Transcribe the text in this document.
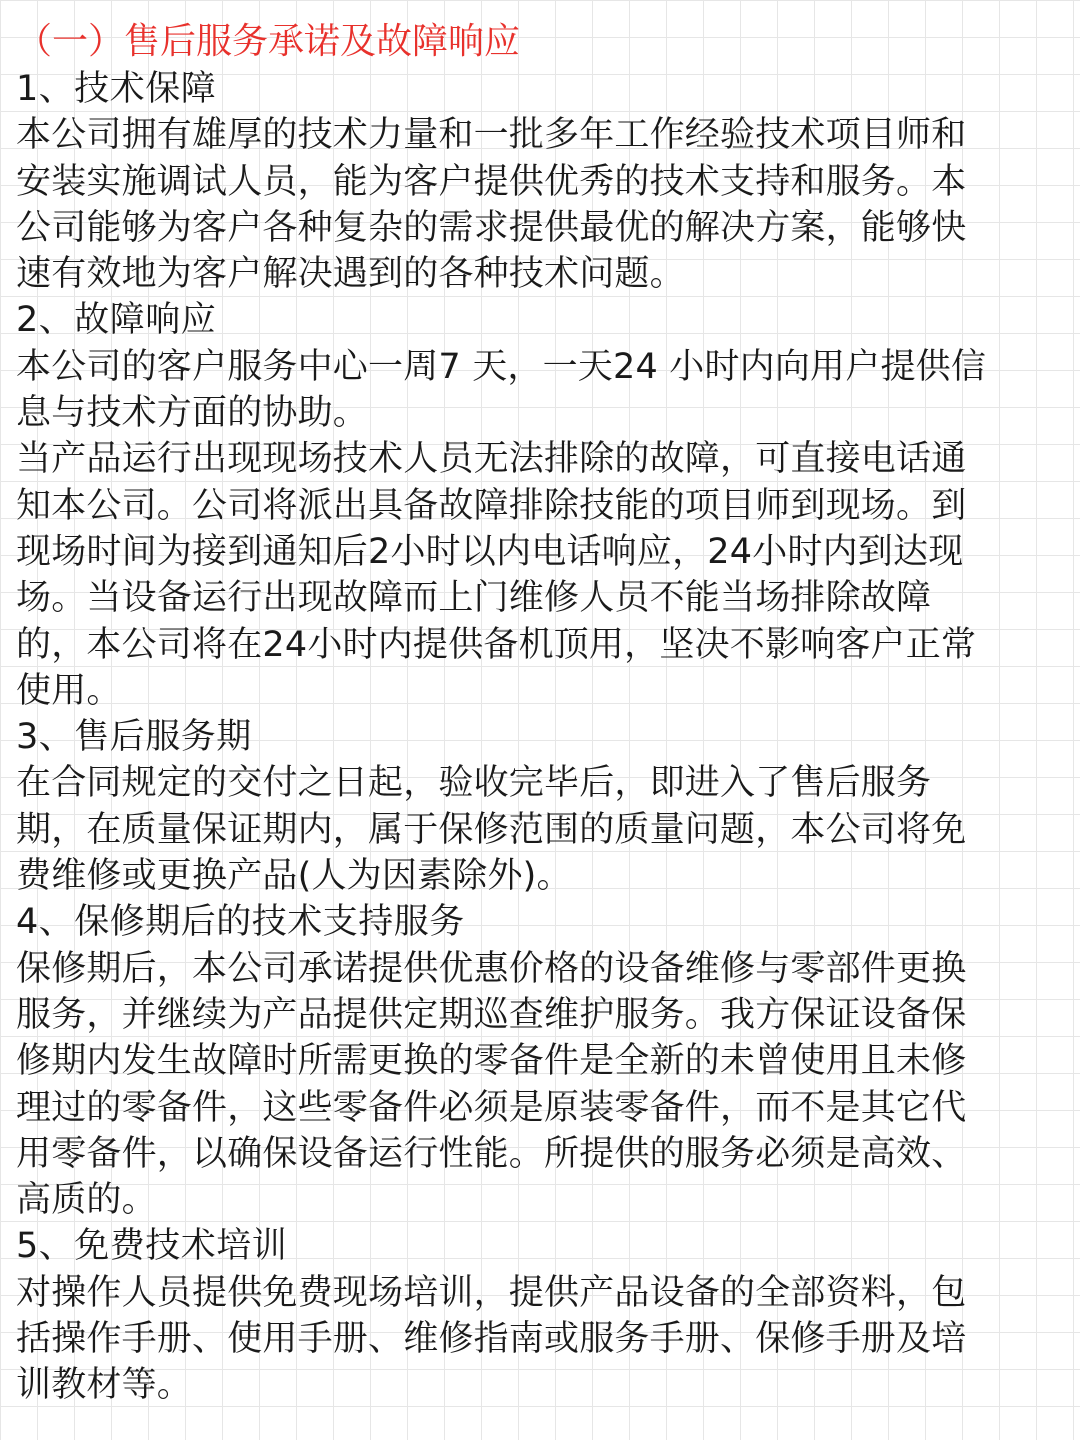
（一）售后服务承诺及故障响应
1、技术保障
本公司拥有雄厚的技术力量和一批多年工作经验技术项目师和
安装实施调试人员，能为客户提供优秀的技术支持和服务。本
公司能够为客户各种复杂的需求提供最优的解决方案，能够快
速有效地为客户解决遇到的各种技术问题。
2、故障响应
本公司的客户服务中心一周7 天，一天24 小时内向用户提供信
息与技术方面的协助。
当产品运行出现现场技术人员无法排除的故障，可直接电话通
知本公司。公司将派出具备故障排除技能的项目师到现场。到
现场时间为接到通知后2小时以内电话响应，24小时内到达现
场。当设备运行出现故障而上门维修人员不能当场排除故障
的，本公司将在24小时内提供备机顶用，坚决不影响客户正常
使用。
3、售后服务期
在合同规定的交付之日起，验收完毕后，即进入了售后服务
期，在质量保证期内，属于保修范围的质量问题，本公司将免
费维修或更换产品(人为因素除外)。
4、保修期后的技术支持服务
保修期后，本公司承诺提供优惠价格的设备维修与零部件更换
服务，并继续为产品提供定期巡查维护服务。我方保证设备保
修期内发生故障时所需更换的零备件是全新的未曾使用且未修
理过的零备件，这些零备件必须是原装零备件，而不是其它代
用零备件，以确保设备运行性能。所提供的服务必须是高效、
高质的。
5、免费技术培训
对操作人员提供免费现场培训，提供产品设备的全部资料，包
括操作手册、使用手册、维修指南或服务手册、保修手册及培
训教材等。
